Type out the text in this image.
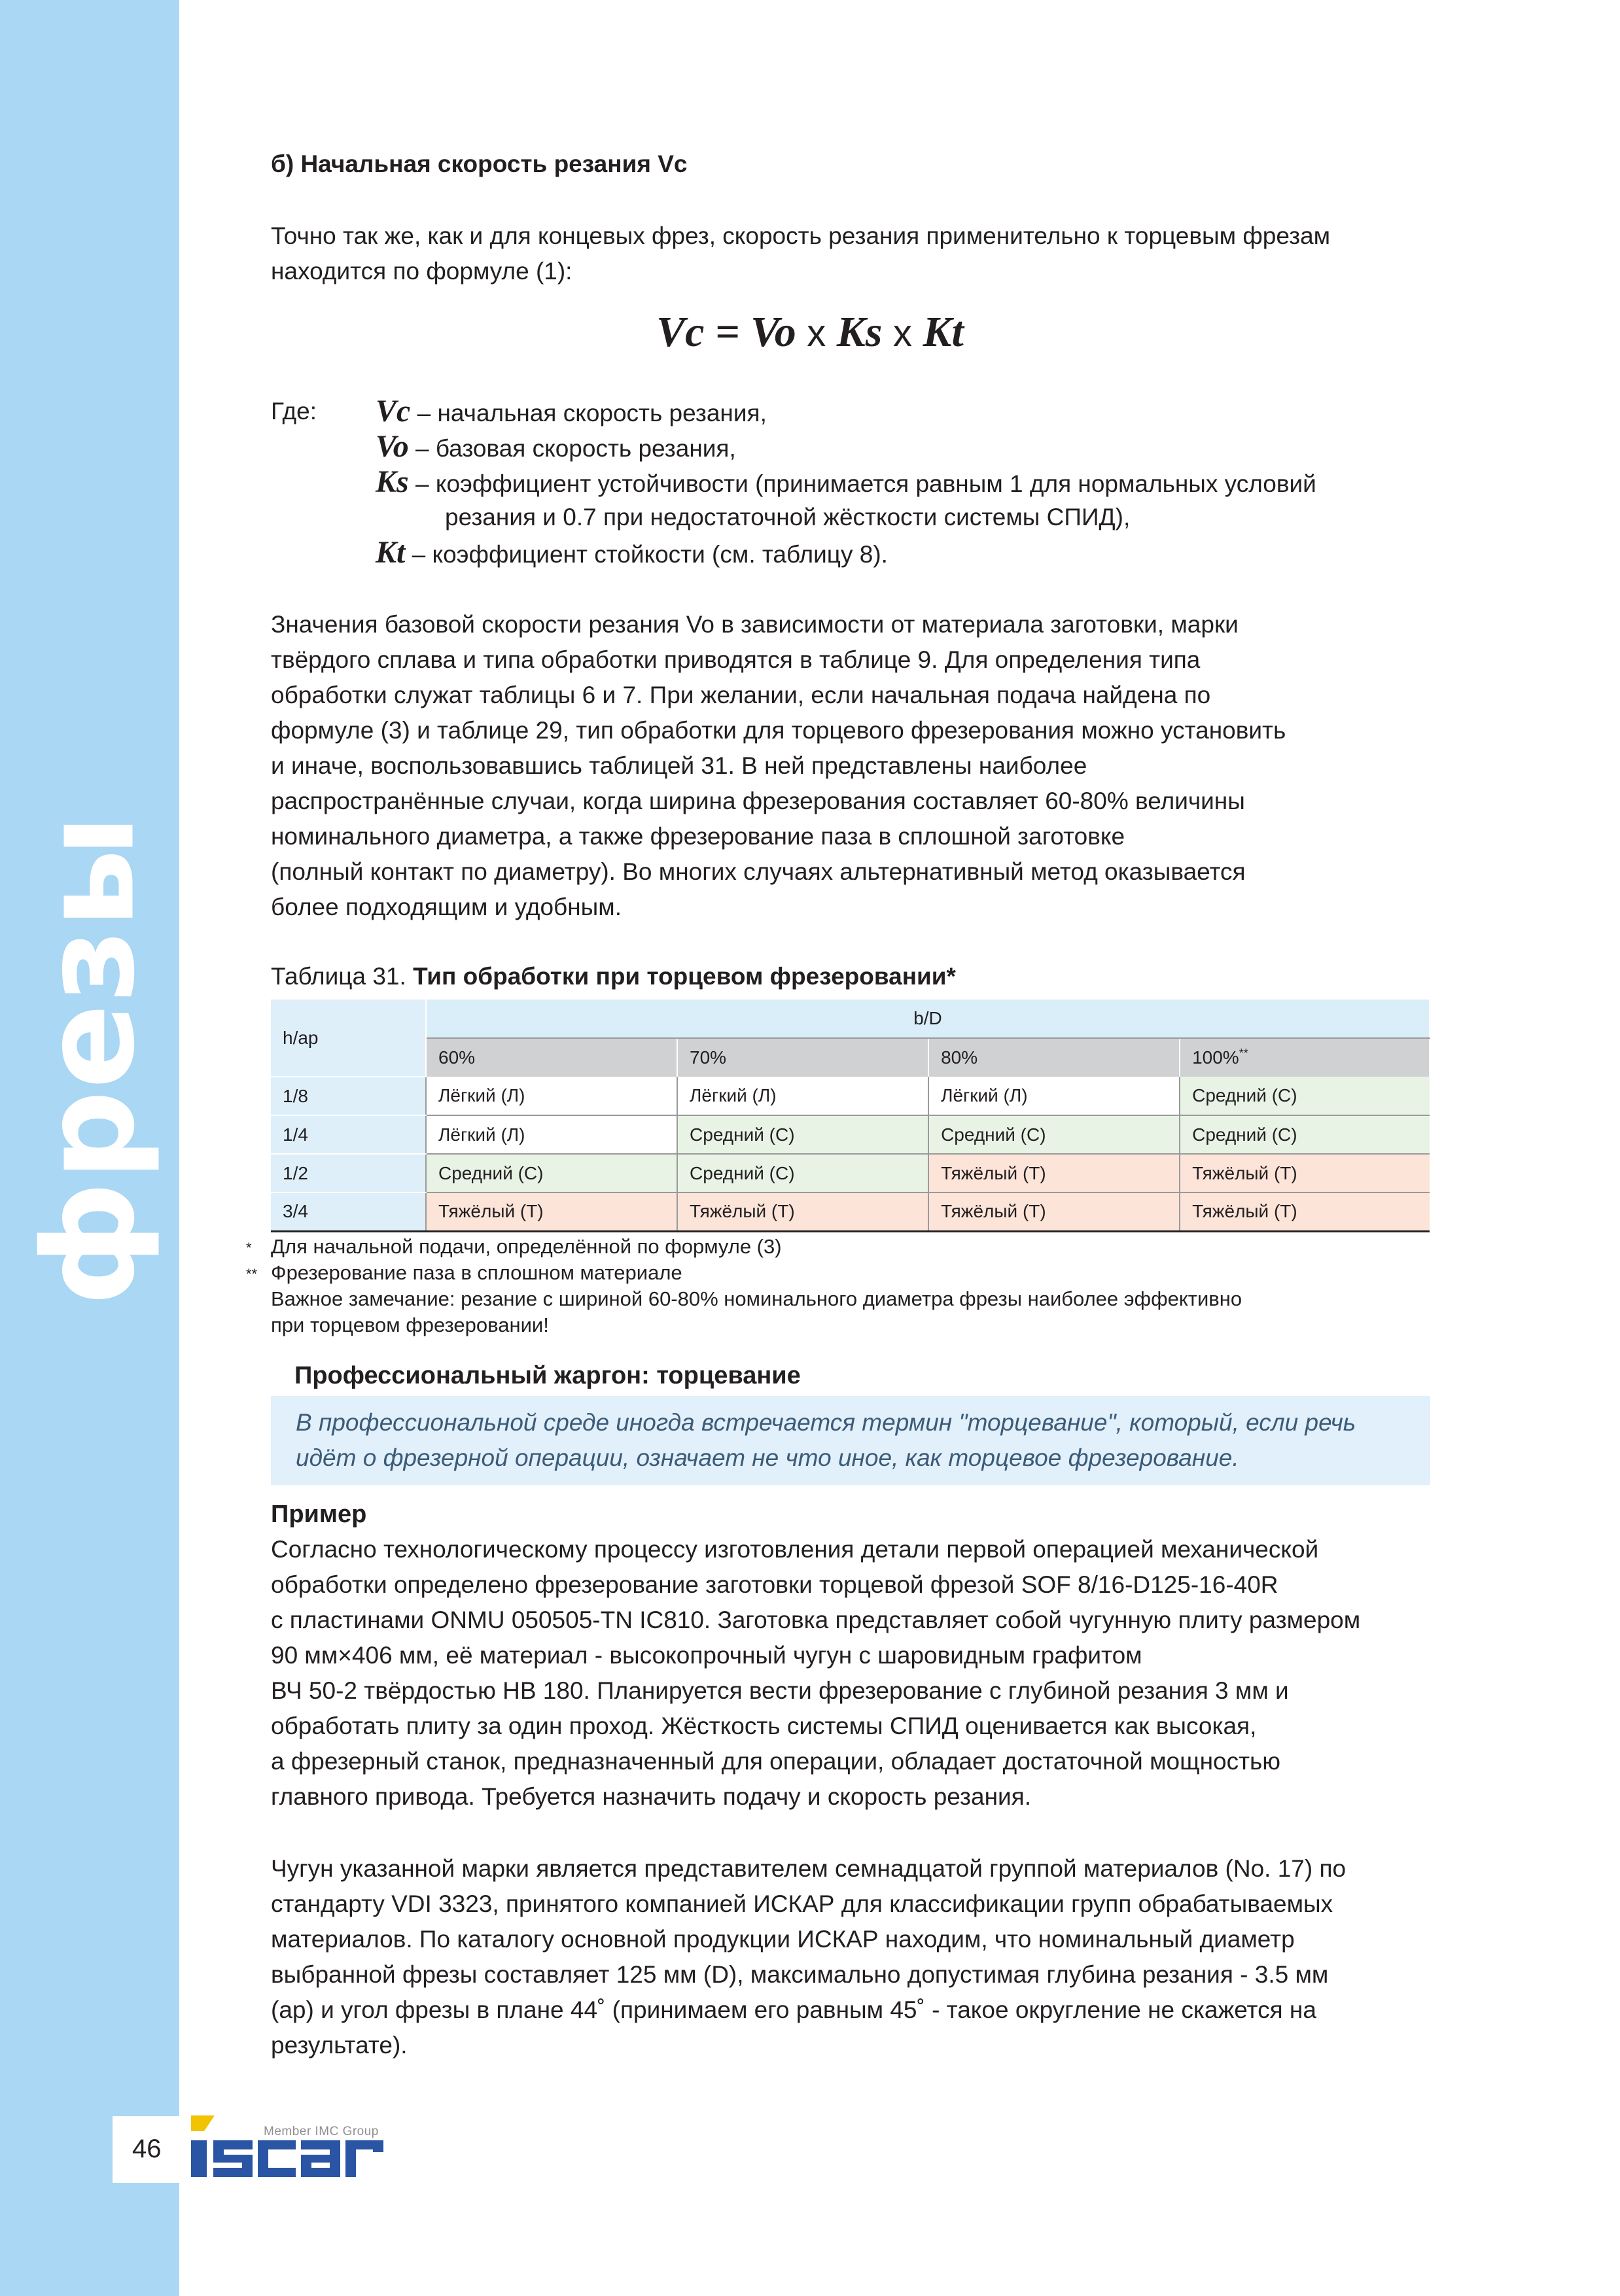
фрезы

б) Начальная скорость резания Vc

Точно так же, как и для концевых фрез, скорость резания применительно к торцевым фрезам

находится по формуле (1):

Vc = Vo x Ks x Kt
Где: Vc – начальная скорость резания,
Vo – базовая скорость резания,
Ks – коэффициент устойчивости (принимается равным 1 для нормальных условий
резания и 0.7 при недостаточной жёсткости системы СПИД),
Kt – коэффициент стойкости (см. таблицу 8).

Значения базовой скорости резания Vo в зависимости от материала заготовки, марки

твёрдого сплава и типа обработки приводятся в таблице 9. Для определения типа

обработки служат таблицы 6 и 7. При желании, если начальная подача найдена по

формуле (3) и таблице 29, тип обработки для торцевого фрезерования можно установить

и иначе, воспользовавшись таблицей 31. В ней представлены наиболее

распространённые случаи, когда ширина фрезерования составляет 60-80% величины

номинального диаметра, а также фрезерование паза в сплошной заготовке

(полный контакт по диаметру). Во многих случаях альтернативный метод оказывается

более подходящим и удобным.

Таблица 31. Тип обработки при торцевом фрезеровании*
h/ap	b/D			
	60%	70%	80%	100%**
1/8	Лёгкий (Л)	Лёгкий (Л)	Лёгкий (Л)	Средний (С)
1/4	Лёгкий (Л)	Средний (С)	Средний (С)	Средний (С)
1/2	Средний (С)	Средний (С)	Тяжёлый (Т)	Тяжёлый (Т)
3/4	Тяжёлый (Т)	Тяжёлый (Т)	Тяжёлый (Т)	Тяжёлый (Т)
* Для начальной подачи, определённой по формуле (3)
** Фрезерование паза в сплошном материале
Важное замечание: резание с шириной 60-80% номинального диаметра фрезы наиболее эффективно
при торцевом фрезеровании!
Профессиональный жаргон: торцевание
В профессиональной среде иногда встречается термин "торцевание", который, если речь
идёт о фрезерной операции, означает не что иное, как торцевое фрезерование.
Пример

Согласно технологическому процессу изготовления детали первой операцией механической

обработки определено фрезерование заготовки торцевой фрезой SOF 8/16-D125-16-40R

с пластинами ONMU 050505-TN IC810. Заготовка представляет собой чугунную плиту размером

90 мм×406 мм, её материал - высокопрочный чугун с шаровидным графитом

ВЧ 50-2 твёрдостью НВ 180. Планируется вести фрезерование с глубиной резания 3 мм и

обработать плиту за один проход. Жёсткость системы СПИД оценивается как высокая,

а фрезерный станок, предназначенный для операции, обладает достаточной мощностью

главного привода. Требуется назначить подачу и скорость резания.

Чугун указанной марки является представителем семнадцатой группой материалов (No. 17) по

стандарту VDI 3323, принятого компанией ИСКАР для классификации групп обрабатываемых

материалов. По каталогу основной продукции ИСКАР находим, что номинальный диаметр

выбранной фрезы составляет 125 мм (D), максимально допустимая глубина резания - 3.5 мм

(ap) и угол фрезы в плане 44˚ (принимаем его равным 45˚ - такое округление не скажется на

результате).

46
Member IMC Group
